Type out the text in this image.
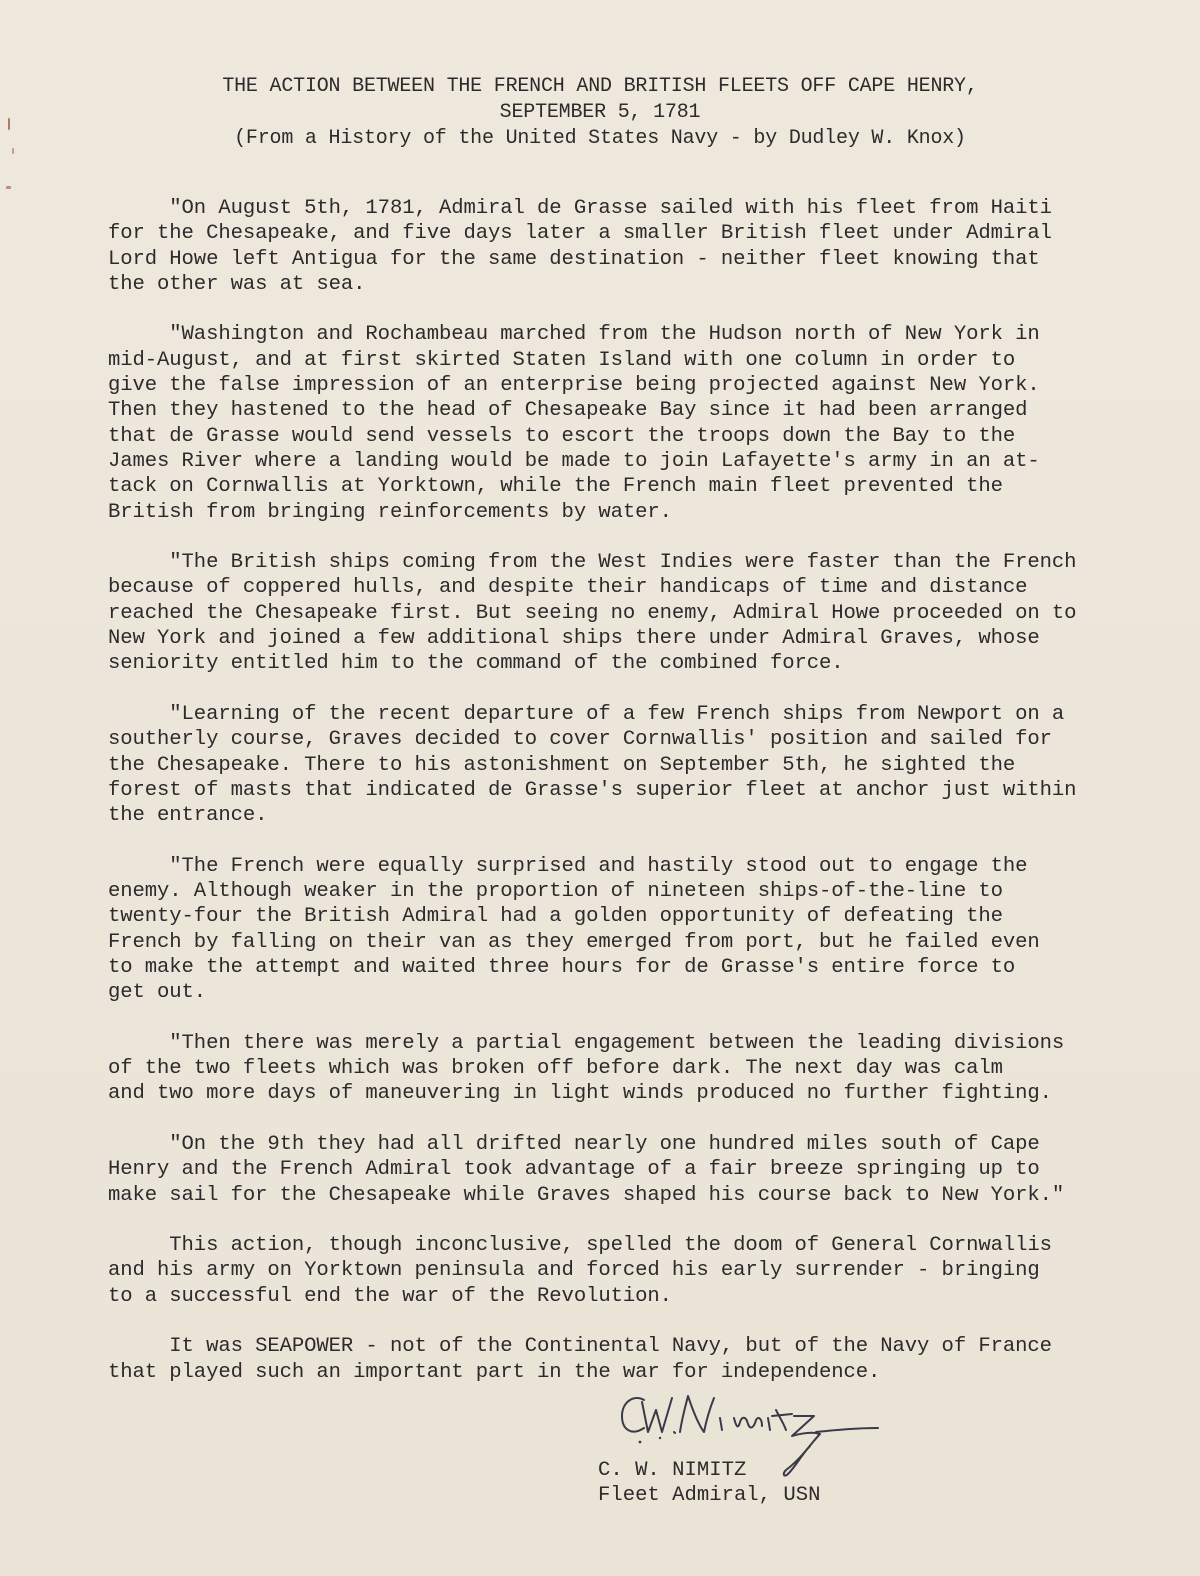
THE ACTION BETWEEN THE FRENCH AND BRITISH FLEETS OFF CAPE HENRY,
SEPTEMBER 5, 1781
(From a History of the United States Navy - by Dudley W. Knox)
"On August 5th, 1781, Admiral de Grasse sailed with his fleet from Haiti
for the Chesapeake, and five days later a smaller British fleet under Admiral
Lord Howe left Antigua for the same destination - neither fleet knowing that
the other was at sea.
"Washington and Rochambeau marched from the Hudson north of New York in
mid-August, and at first skirted Staten Island with one column in order to
give the false impression of an enterprise being projected against New York.
Then they hastened to the head of Chesapeake Bay since it had been arranged
that de Grasse would send vessels to escort the troops down the Bay to the
James River where a landing would be made to join Lafayette's army in an at-
tack on Cornwallis at Yorktown, while the French main fleet prevented the
British from bringing reinforcements by water.
"The British ships coming from the West Indies were faster than the French
because of coppered hulls, and despite their handicaps of time and distance
reached the Chesapeake first. But seeing no enemy, Admiral Howe proceeded on to
New York and joined a few additional ships there under Admiral Graves, whose
seniority entitled him to the command of the combined force.
"Learning of the recent departure of a few French ships from Newport on a
southerly course, Graves decided to cover Cornwallis' position and sailed for
the Chesapeake. There to his astonishment on September 5th, he sighted the
forest of masts that indicated de Grasse's superior fleet at anchor just within
the entrance.
"The French were equally surprised and hastily stood out to engage the
enemy. Although weaker in the proportion of nineteen ships-of-the-line to
twenty-four the British Admiral had a golden opportunity of defeating the
French by falling on their van as they emerged from port, but he failed even
to make the attempt and waited three hours for de Grasse's entire force to
get out.
"Then there was merely a partial engagement between the leading divisions
of the two fleets which was broken off before dark. The next day was calm
and two more days of maneuvering in light winds produced no further fighting.
"On the 9th they had all drifted nearly one hundred miles south of Cape
Henry and the French Admiral took advantage of a fair breeze springing up to
make sail for the Chesapeake while Graves shaped his course back to New York."
This action, though inconclusive, spelled the doom of General Cornwallis
and his army on Yorktown peninsula and forced his early surrender - bringing
to a successful end the war of the Revolution.
It was SEAPOWER - not of the Continental Navy, but of the Navy of France
that played such an important part in the war for independence.
C. W. NIMITZ
Fleet Admiral, USN
